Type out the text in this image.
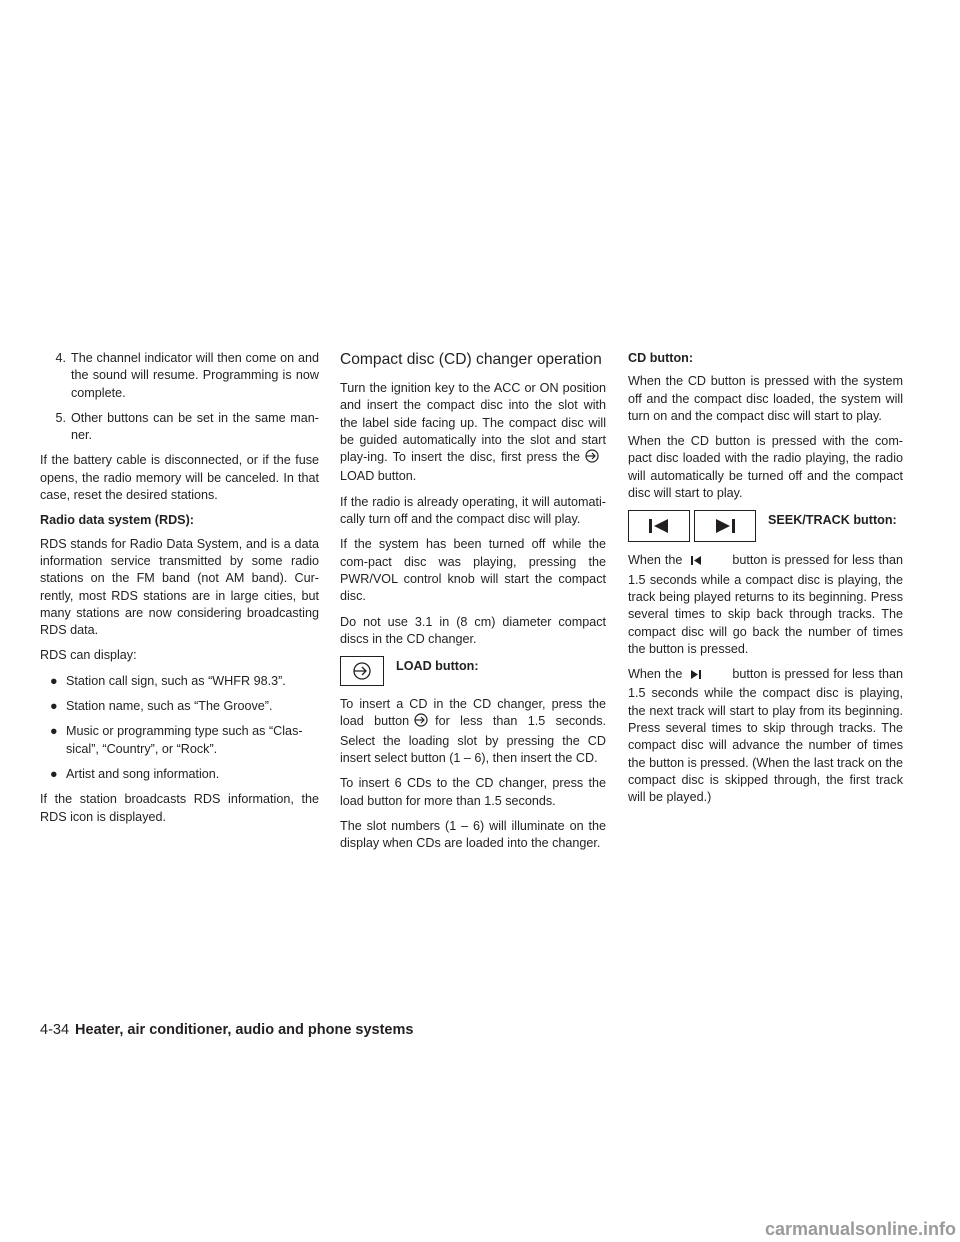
4. The channel indicator will then come on and the sound will resume. Programming is now complete.
5. Other buttons can be set in the same man-ner.

If the battery cable is disconnected, or if the fuse opens, the radio memory will be canceled. In that case, reset the desired stations.

Radio data system (RDS):

RDS stands for Radio Data System, and is a data information service transmitted by some radio stations on the FM band (not AM band). Cur-rently, most RDS stations are in large cities, but many stations are now considering broadcasting RDS data.

RDS can display:

● Station call sign, such as “WHFR 98.3”.
● Station name, such as “The Groove”.
● Music or programming type such as “Clas-sical”, “Country”, or “Rock”.
● Artist and song information.

If the station broadcasts RDS information, the RDS icon is displayed.

Compact disc (CD) changer operation

Turn the ignition key to the ACC or ON position and insert the compact disc into the slot with the label side facing up. The compact disc will be guided automatically into the slot and start play-ing. To insert the disc, first press theLOAD button.

If the radio is already operating, it will automati-cally turn off and the compact disc will play.

If the system has been turned off while the com-pact disc was playing, pressing the PWR/VOL control knob will start the compact disc.

Do not use 3.1 in (8 cm) diameter compact discs in the CD changer.

LOAD button:

To insert a CD in the CD changer, press the load button for less than 1.5 seconds. Select the loading slot by pressing the CD insert select button (1 – 6), then insert the CD.

To insert 6 CDs to the CD changer, press the load button for more than 1.5 seconds.

The slot numbers (1 – 6) will illuminate on the display when CDs are loaded into the changer.

CD button:

When the CD button is pressed with the system off and the compact disc loaded, the system will turn on and the compact disc will start to play.

When the CD button is pressed with the com-pact disc loaded with the radio playing, the radio will automatically be turned off and the compact disc will start to play.

SEEK/TRACK button:

When the	button is pressed for less than 1.5 seconds while a compact disc is playing, the track being played returns to its beginning. Press several times to skip back through tracks. The compact disc will go back the number of times the button is pressed.

When the	button is pressed for less than 1.5 seconds while the compact disc is playing, the next track will start to play from its beginning. Press several times to skip through tracks. The compact disc will advance the number of times the button is pressed. (When the last track on the compact disc is skipped through, the first track will be played.)

4-34 Heater, air conditioner, audio and phone systems
carmanualsonline.info
